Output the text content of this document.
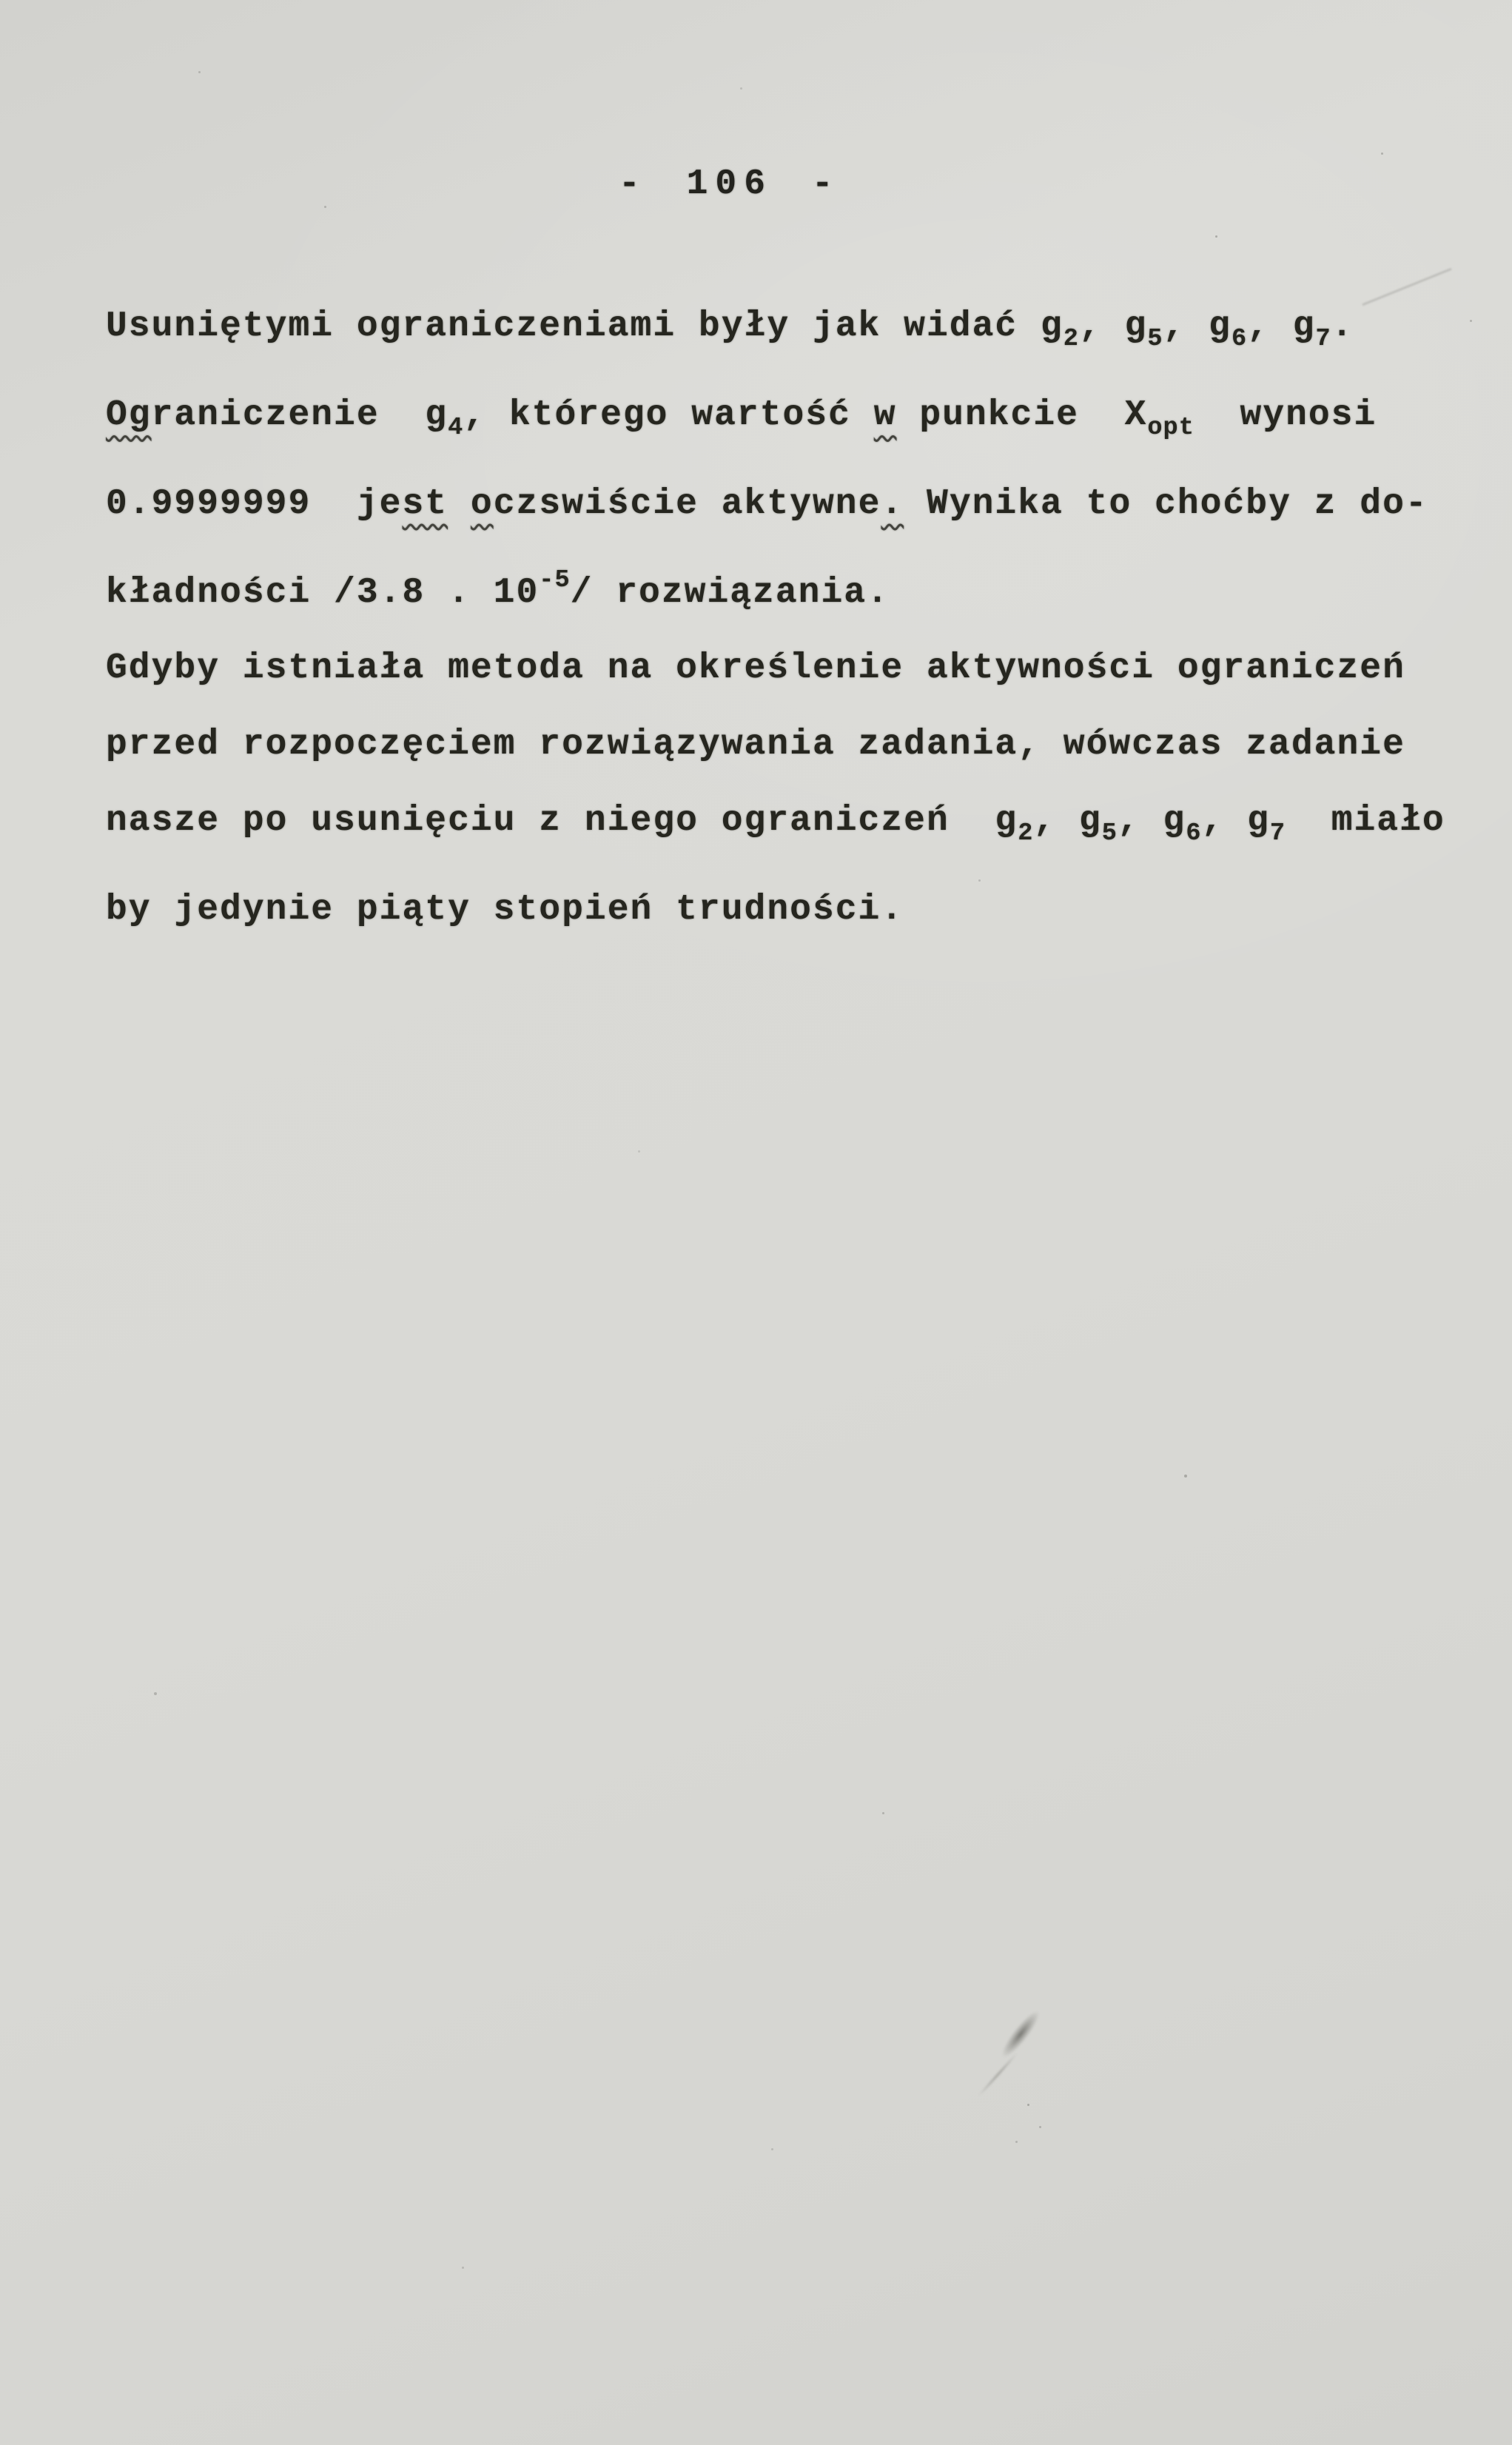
- 106 -
Usuniętymi ograniczeniami były jak widać $g_2$, $g_5$, $g_6$, $g_7$.
Ograniczenie  $g_4$, którego wartość w punkcie  $X_{opt}$  wynosi
0.9999999  jest oczswiście aktywne. Wynika to choćby z do-
kładności /3.8 . $10^{-5}/$ rozwiązania.
Gdyby istniała metoda na określenie aktywności ograniczeń
przed rozpoczęciem rozwiązywania zadania, wówczas zadanie
nasze po usunięciu z niego ograniczeń  $g_2$, $g_5$, $g_6$, $g_7$  miało
by jedynie piąty stopień trudności.
